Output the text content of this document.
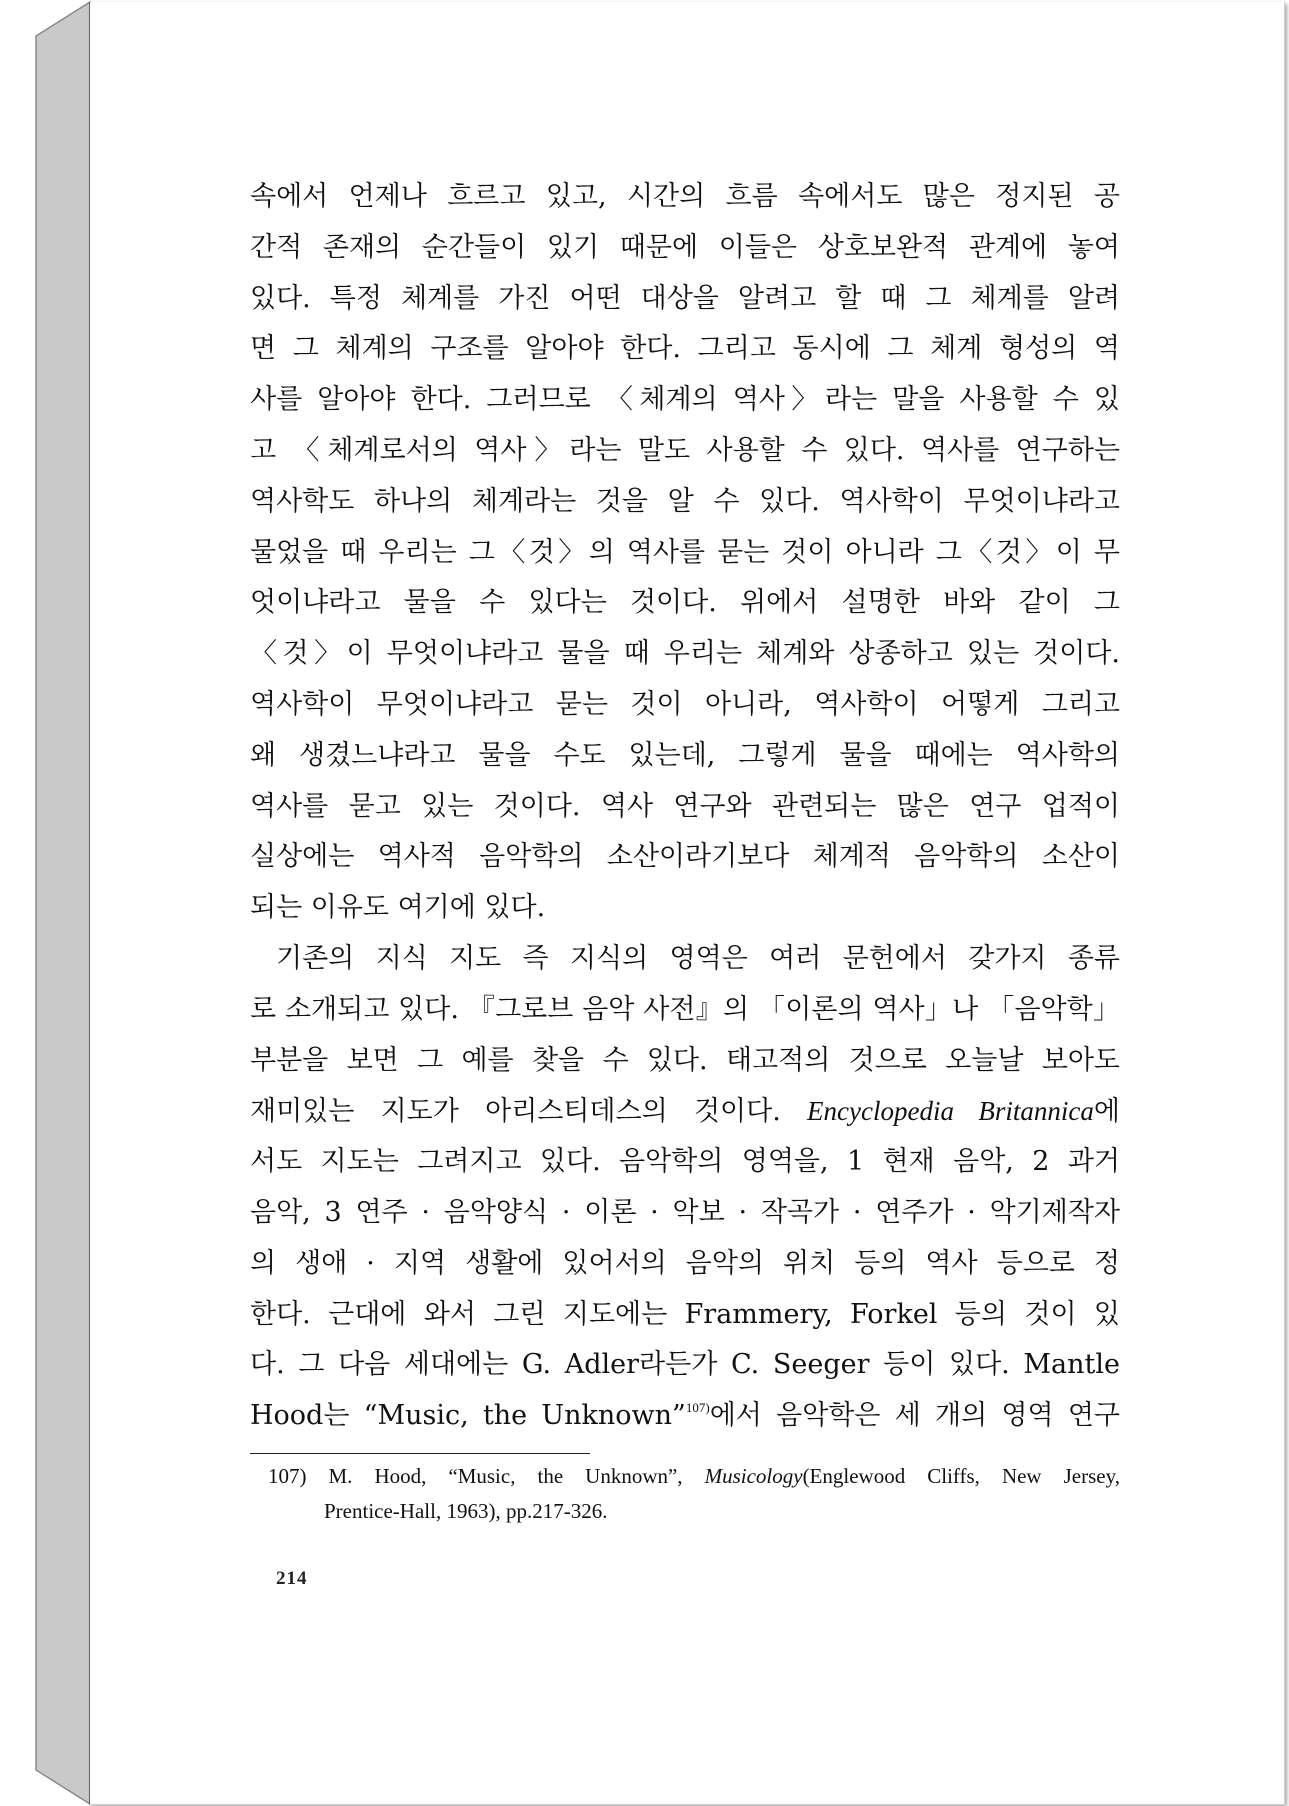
속에서 언제나 흐르고 있고, 시간의 흐름 속에서도 많은 정지된 공
간적 존재의 순간들이 있기 때문에 이들은 상호보완적 관계에 놓여
있다. 특정 체계를 가진 어떤 대상을 알려고 할 때 그 체계를 알려
면 그 체계의 구조를 알아야 한다. 그리고 동시에 그 체계 형성의 역
사를 알아야 한다. 그러므로 〈체계의 역사〉라는 말을 사용할 수 있
고 〈체계로서의 역사〉라는 말도 사용할 수 있다. 역사를 연구하는
역사학도 하나의 체계라는 것을 알 수 있다. 역사학이 무엇이냐라고
물었을 때 우리는 그〈것〉의 역사를 묻는 것이 아니라 그〈것〉이 무
엇이냐라고 물을 수 있다는 것이다. 위에서 설명한 바와 같이 그
〈것〉이 무엇이냐라고 물을 때 우리는 체계와 상종하고 있는 것이다.
역사학이 무엇이냐라고 묻는 것이 아니라, 역사학이 어떻게 그리고
왜 생겼느냐라고 물을 수도 있는데, 그렇게 물을 때에는 역사학의
역사를 묻고 있는 것이다. 역사 연구와 관련되는 많은 연구 업적이
실상에는 역사적 음악학의 소산이라기보다 체계적 음악학의 소산이
되는 이유도 여기에 있다.
기존의 지식 지도 즉 지식의 영역은 여러 문헌에서 갖가지 종류
로 소개되고 있다. 『그로브 음악 사전』의 「이론의 역사」나 「음악학」
부분을 보면 그 예를 찾을 수 있다. 태고적의 것으로 오늘날 보아도
재미있는 지도가 아리스티데스의 것이다. Encyclopedia Britannica에
서도 지도는 그려지고 있다. 음악학의 영역을, 1 현재 음악, 2 과거
음악, 3 연주 · 음악양식 · 이론 · 악보 · 작곡가 · 연주가 · 악기제작자
의 생애 · 지역 생활에 있어서의 음악의 위치 등의 역사 등으로 정
한다. 근대에 와서 그린 지도에는 Frammery, Forkel 등의 것이 있
다. 그 다음 세대에는 G. Adler라든가 C. Seeger 등이 있다. Mantle
Hood는 “Music, the Unknown”$^{107)}$에서 음악학은 세 개의 영역 연구
107) M. Hood, “Music, the Unknown”, Musicology(Englewood Cliffs, New Jersey,
Prentice-Hall, 1963), pp.217-326.
214
